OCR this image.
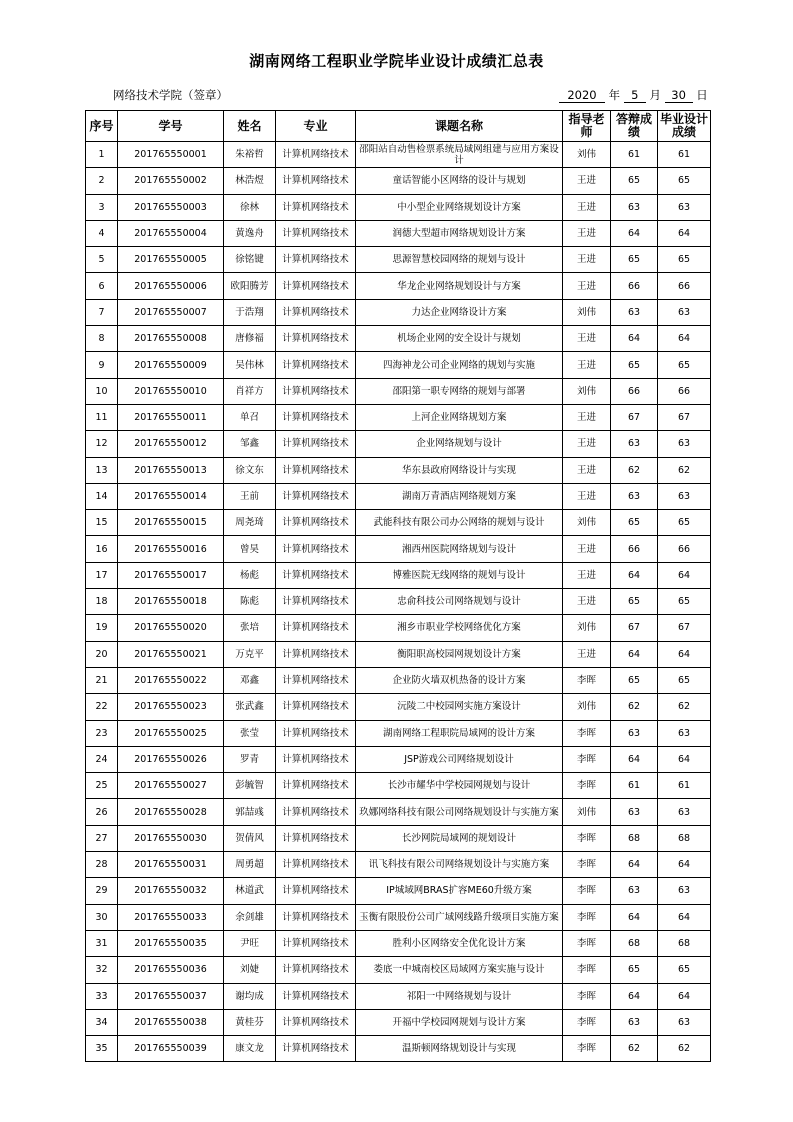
湖南网络工程职业学院毕业设计成绩汇总表
网络技术学院（签章）	2020 年 5 月 30 日
序号	学号	姓名	专业	课题名称	指导老师	答辩成绩	毕业设计成绩
1	201765550001	朱裕哲	计算机网络技术	邵阳站自动售检票系统局域网组建与应用方案设计	刘伟	61	61
2	201765550002	林浩煜	计算机网络技术	童话智能小区网络的设计与规划	王进	65	65
3	201765550003	徐林	计算机网络技术	中小型企业网络规划设计方案	王进	63	63
4	201765550004	黄逸舟	计算机网络技术	润德大型超市网络规划设计方案	王进	64	64
5	201765550005	徐铭键	计算机网络技术	思源智慧校园网络的规划与设计	王进	65	65
6	201765550006	欧阳腾芳	计算机网络技术	华龙企业网络规划设计与方案	王进	66	66
7	201765550007	于浩翔	计算机网络技术	力达企业网络设计方案	刘伟	63	63
8	201765550008	唐修福	计算机网络技术	机场企业网的安全设计与规划	王进	64	64
9	201765550009	吴伟林	计算机网络技术	四海神龙公司企业网络的规划与实施	王进	65	65
10	201765550010	肖祥方	计算机网络技术	邵阳第一职专网络的规划与部署	刘伟	66	66
11	201765550011	单召	计算机网络技术	上河企业网络规划方案	王进	67	67
12	201765550012	邹鑫	计算机网络技术	企业网络规划与设计	王进	63	63
13	201765550013	徐文东	计算机网络技术	华东县政府网络设计与实现	王进	62	62
14	201765550014	王前	计算机网络技术	湖南万青酒店网络规划方案	王进	63	63
15	201765550015	周尧琦	计算机网络技术	武能科技有限公司办公网络的规划与设计	刘伟	65	65
16	201765550016	曾昊	计算机网络技术	湘西州医院网络规划与设计	王进	66	66
17	201765550017	杨彪	计算机网络技术	博雅医院无线网络的规划与设计	王进	64	64
18	201765550018	陈彪	计算机网络技术	忠俞科技公司网络规划与设计	王进	65	65
19	201765550020	张培	计算机网络技术	湘乡市职业学校网络优化方案	刘伟	67	67
20	201765550021	万克平	计算机网络技术	衡阳职高校园网规划设计方案	王进	64	64
21	201765550022	邓鑫	计算机网络技术	企业防火墙双机热备的设计方案	李晖	65	65
22	201765550023	张武鑫	计算机网络技术	沅陵二中校园网实施方案设计	刘伟	62	62
23	201765550025	张莹	计算机网络技术	湖南网络工程职院局域网的设计方案	李晖	63	63
24	201765550026	罗青	计算机网络技术	JSP游戏公司网络规划设计	李晖	64	64
25	201765550027	彭毓智	计算机网络技术	长沙市耀华中学校园网规划与设计	李晖	61	61
26	201765550028	郭喆彧	计算机网络技术	玖娜网络科技有限公司网络规划设计与实施方案	刘伟	63	63
27	201765550030	贺倩风	计算机网络技术	长沙网院局域网的规划设计	李晖	68	68
28	201765550031	周勇超	计算机网络技术	讯飞科技有限公司网络规划设计与实施方案	李晖	64	64
29	201765550032	林道武	计算机网络技术	IP城域网BRAS扩容ME60升级方案	李晖	63	63
30	201765550033	余剑雄	计算机网络技术	玉衡有限股份公司广域网线路升级项目实施方案	李晖	64	64
31	201765550035	尹旺	计算机网络技术	胜利小区网络安全优化设计方案	李晖	68	68
32	201765550036	刘婕	计算机网络技术	娄底一中城南校区局域网方案实施与设计	李晖	65	65
33	201765550037	谢均成	计算机网络技术	祁阳一中网络规划与设计	李晖	64	64
34	201765550038	黄桂芬	计算机网络技术	开福中学校园网规划与设计方案	李晖	63	63
35	201765550039	康文龙	计算机网络技术	温斯顿网络规划设计与实现	李晖	62	62
